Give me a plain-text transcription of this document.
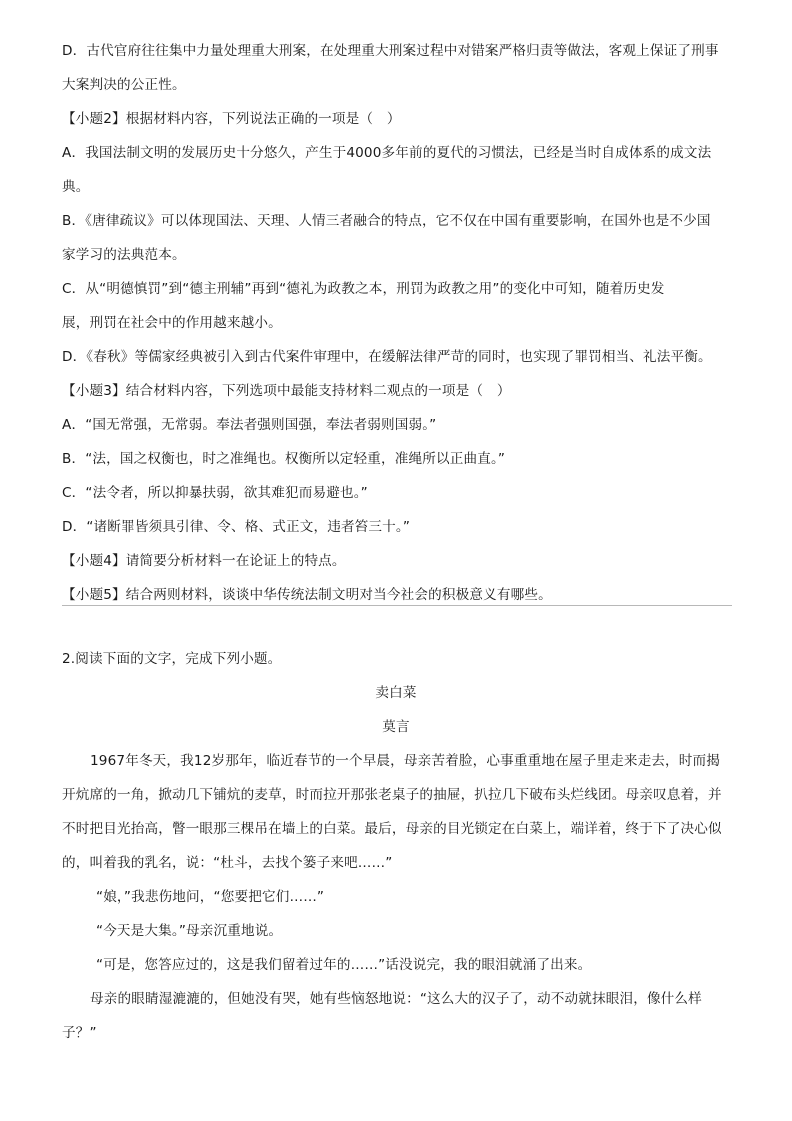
D．古代官府往往集中力量处理重大刑案，在处理重大刑案过程中对错案严格归责等做法，客观上保证了刑事
大案判决的公正性。
【小题2】根据材料内容，下列说法正确的一项是（　）
A．我国法制文明的发展历史十分悠久，产生于4000多年前的夏代的习惯法，已经是当时自成体系的成文法
典。
B．《唐律疏议》可以体现国法、天理、人情三者融合的特点，它不仅在中国有重要影响，在国外也是不少国
家学习的法典范本。
C．从“明德慎罚”到“德主刑辅”再到“德礼为政教之本，刑罚为政教之用”的变化中可知，随着历史发
展，刑罚在社会中的作用越来越小。
D．《春秋》等儒家经典被引入到古代案件审理中，在缓解法律严苛的同时，也实现了罪罚相当、礼法平衡。
【小题3】结合材料内容，下列选项中最能支持材料二观点的一项是（　）
A．“国无常强，无常弱。奉法者强则国强，奉法者弱则国弱。”
B．“法，国之权衡也，时之准绳也。权衡所以定轻重，准绳所以正曲直。”
C．“法令者，所以抑暴扶弱，欲其难犯而易避也。”
D．“诸断罪皆须具引律、令、格、式正文，违者笞三十。”
【小题4】请简要分析材料一在论证上的特点。
【小题5】结合两则材料，谈谈中华传统法制文明对当今社会的积极意义有哪些。
2.阅读下面的文字，完成下列小题。
卖白菜
莫言
1967年冬天，我12岁那年，临近春节的一个早晨，母亲苦着脸，心事重重地在屋子里走来走去，时而揭
开炕席的一角，掀动几下铺炕的麦草，时而拉开那张老桌子的抽屉，扒拉几下破布头烂线团。母亲叹息着，并
不时把目光抬高，瞥一眼那三棵吊在墙上的白菜。最后，母亲的目光锁定在白菜上，端详着，终于下了决心似
的，叫着我的乳名，说：“杜斗，去找个篓子来吧……”
“娘，”我悲伤地问，“您要把它们……”
“今天是大集。”母亲沉重地说。
“可是，您答应过的，这是我们留着过年的……”话没说完，我的眼泪就涌了出来。
母亲的眼睛湿漉漉的，但她没有哭，她有些恼怒地说：“这么大的汉子了，动不动就抹眼泪，像什么样
子？”
